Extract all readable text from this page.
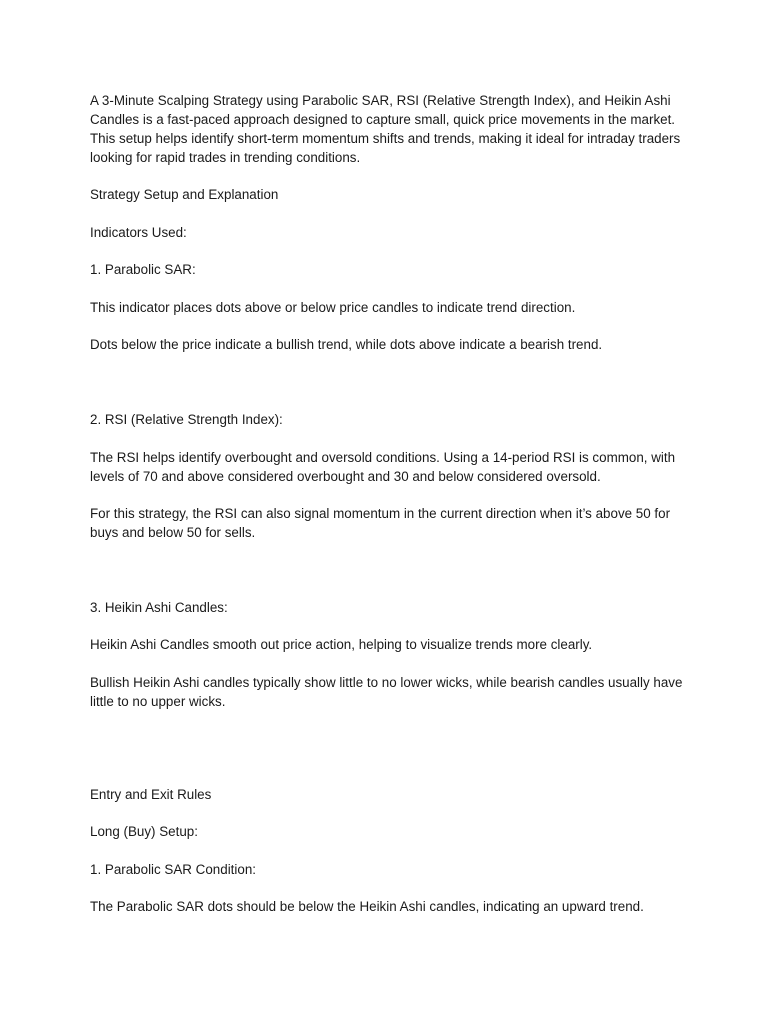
A 3-Minute Scalping Strategy using Parabolic SAR, RSI (Relative Strength Index), and Heikin Ashi Candles is a fast-paced approach designed to capture small, quick price movements in the market. This setup helps identify short-term momentum shifts and trends, making it ideal for intraday traders looking for rapid trades in trending conditions.

Strategy Setup and Explanation

Indicators Used:

1. Parabolic SAR:

This indicator places dots above or below price candles to indicate trend direction.

Dots below the price indicate a bullish trend, while dots above indicate a bearish trend.

2. RSI (Relative Strength Index):

The RSI helps identify overbought and oversold conditions. Using a 14-period RSI is common, with levels of 70 and above considered overbought and 30 and below considered oversold.

For this strategy, the RSI can also signal momentum in the current direction when it’s above 50 for buys and below 50 for sells.

3. Heikin Ashi Candles:

Heikin Ashi Candles smooth out price action, helping to visualize trends more clearly.

Bullish Heikin Ashi candles typically show little to no lower wicks, while bearish candles usually have little to no upper wicks.

Entry and Exit Rules

Long (Buy) Setup:

1. Parabolic SAR Condition:

The Parabolic SAR dots should be below the Heikin Ashi candles, indicating an upward trend.
